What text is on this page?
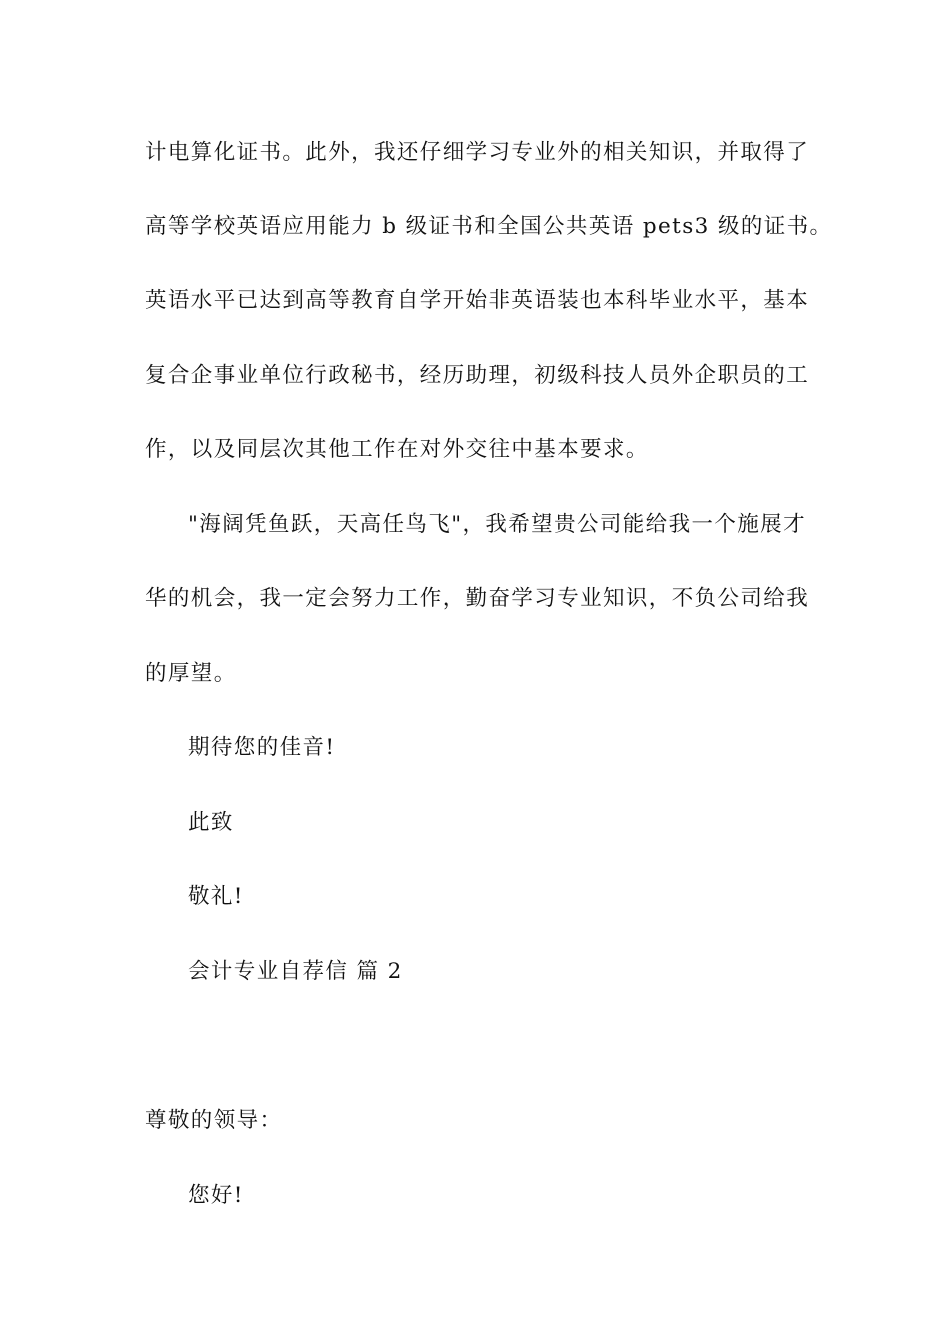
计电算化证书。此外，我还仔细学习专业外的相关知识，并取得了

高等学校英语应用能力 b 级证书和全国公共英语 pets3 级的证书。

英语水平已达到高等教育自学开始非英语装也本科毕业水平，基本

复合企事业单位行政秘书，经历助理，初级科技人员外企职员的工

作，以及同层次其他工作在对外交往中基本要求。

"海阔凭鱼跃，天高任鸟飞"，我希望贵公司能给我一个施展才

华的机会，我一定会努力工作，勤奋学习专业知识，不负公司给我

的厚望。

期待您的佳音!

此致

敬礼!

会计专业自荐信 篇 2

尊敬的领导：

您好!
